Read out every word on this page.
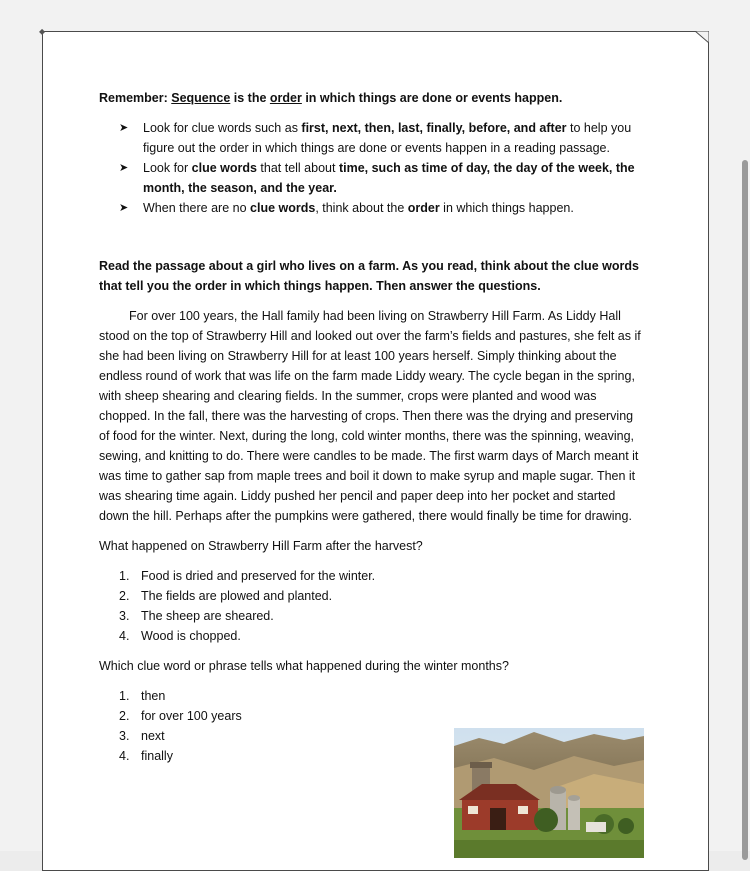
◆

Remember: Sequence is the order in which things are done or events happen.

➤ Look for clue words such as first, next, then, last, finally, before, and after to help you figure out the order in which things are done or events happen in a reading passage.
➤ Look for clue words that tell about time, such as time of day, the day of the week, the month, the season, and the year.
➤ When there are no clue words, think about the order in which things happen.

Read the passage about a girl who lives on a farm. As you read, think about the clue words that tell you the order in which things happen. Then answer the questions.

For over 100 years, the Hall family had been living on Strawberry Hill Farm. As Liddy Hall stood on the top of Strawberry Hill and looked out over the farm’s fields and pastures, she felt as if she had been living on Strawberry Hill for at least 100 years herself. Simply thinking about the endless round of work that was life on the farm made Liddy weary. The cycle began in the spring, with sheep shearing and clearing fields. In the summer, crops were planted and wood was chopped. In the fall, there was the harvesting of crops. Then there was the drying and preserving of food for the winter. Next, during the long, cold winter months, there was the spinning, weaving, sewing, and knitting to do. There were candles to be made. The first warm days of March meant it was time to gather sap from maple trees and boil it down to make syrup and maple sugar. Then it was shearing time again. Liddy pushed her pencil and paper deep into her pocket and started down the hill. Perhaps after the pumpkins were gathered, there would finally be time for drawing.

What happened on Strawberry Hill Farm after the harvest?

1. Food is dried and preserved for the winter.
2. The fields are plowed and planted.
3. The sheep are sheared.
4. Wood is chopped.

Which clue word or phrase tells what happened during the winter months?

1. then
2. for over 100 years
3. next
4. finally
